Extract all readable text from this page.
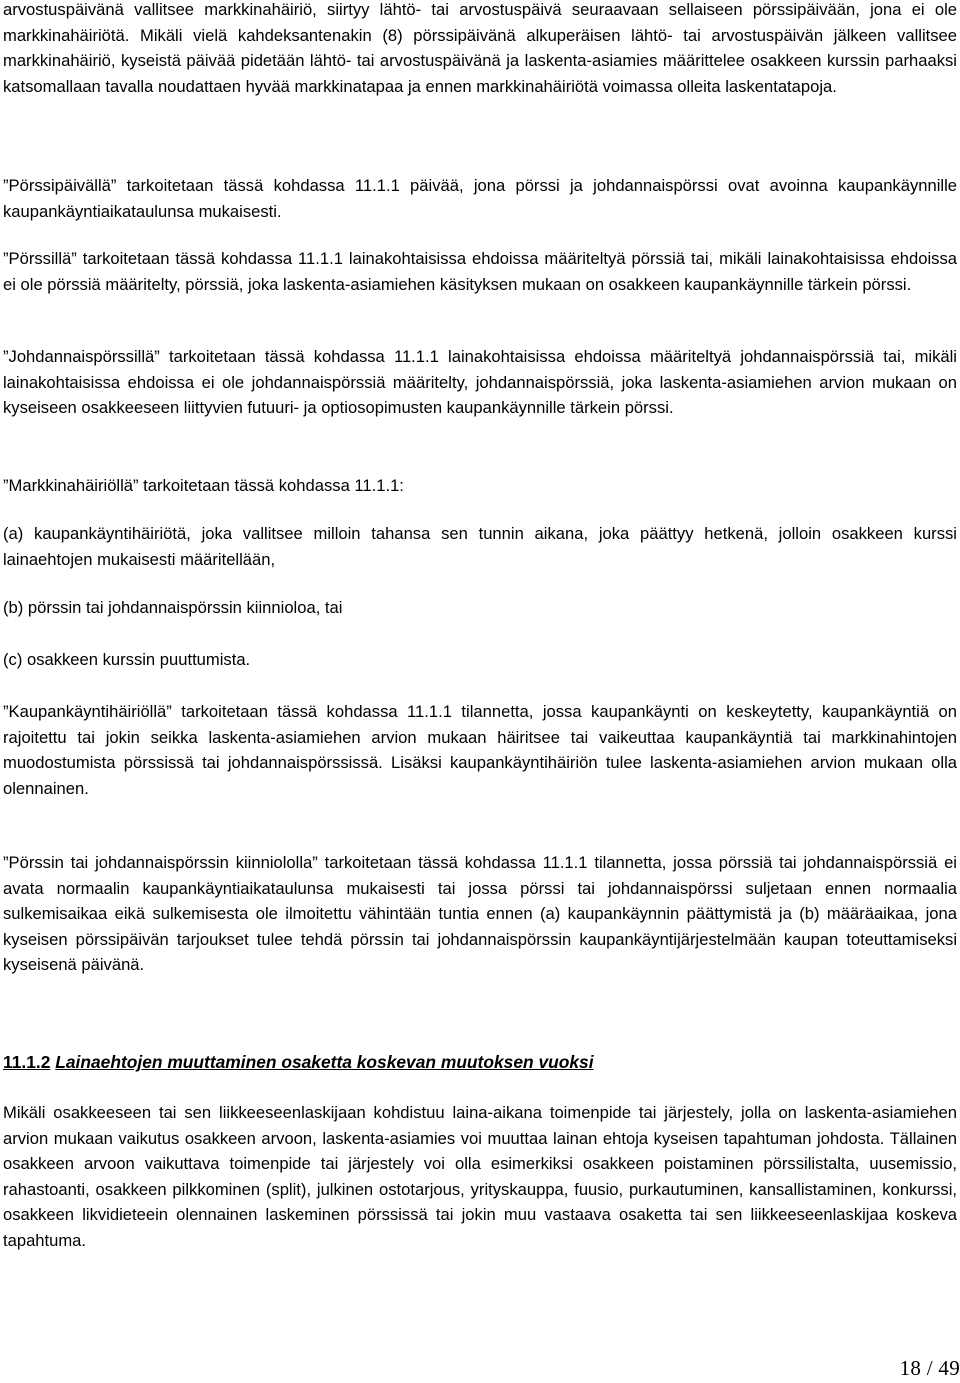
arvostuspäivänä vallitsee markkinahäiriö, siirtyy lähtö- tai arvostuspäivä seuraavaan sellaiseen pörssipäivään, jona ei ole markkinahäiriötä. Mikäli vielä kahdeksantenakin (8) pörssipäivänä alkuperäisen lähtö- tai arvostuspäivän jälkeen vallitsee markkinahäiriö, kyseistä päivää pidetään lähtö- tai arvostuspäivänä ja laskenta-asiamies määrittelee osakkeen kurssin parhaaksi katsomallaan tavalla noudattaen hyvää markkinatapaa ja ennen markkinahäiriötä voimassa olleita laskentatapoja.

”Pörssipäivällä” tarkoitetaan tässä kohdassa 11.1.1 päivää, jona pörssi ja johdannaispörssi ovat avoinna kaupankäynnille kaupankäyntiaikataulunsa mukaisesti.

”Pörssillä” tarkoitetaan tässä kohdassa 11.1.1 lainakohtaisissa ehdoissa määriteltyä pörssiä tai, mikäli lainakohtaisissa ehdoissa ei ole pörssiä määritelty, pörssiä, joka laskenta-asiamiehen käsityksen mukaan on osakkeen kaupankäynnille tärkein pörssi.

”Johdannaispörssillä” tarkoitetaan tässä kohdassa 11.1.1 lainakohtaisissa ehdoissa määriteltyä johdannaispörssiä tai, mikäli lainakohtaisissa ehdoissa ei ole johdannaispörssiä määritelty, johdannaispörssiä, joka laskenta-asiamiehen arvion mukaan on kyseiseen osakkeeseen liittyvien futuuri- ja optiosopimusten kaupankäynnille tärkein pörssi.

”Markkinahäiriöllä” tarkoitetaan tässä kohdassa 11.1.1:

(a) kaupankäyntihäiriötä, joka vallitsee milloin tahansa sen tunnin aikana, joka päättyy hetkenä, jolloin osakkeen kurssi lainaehtojen mukaisesti määritellään,

(b) pörssin tai johdannaispörssin kiinnioloa, tai

(c) osakkeen kurssin puuttumista.

”Kaupankäyntihäiriöllä” tarkoitetaan tässä kohdassa 11.1.1 tilannetta, jossa kaupankäynti on keskeytetty, kaupankäyntiä on rajoitettu tai jokin seikka laskenta-asiamiehen arvion mukaan häiritsee tai vaikeuttaa kaupankäyntiä tai markkinahintojen muodostumista pörssissä tai johdannaispörssissä. Lisäksi kaupankäyntihäiriön tulee laskenta-asiamiehen arvion mukaan olla olennainen.

”Pörssin tai johdannaispörssin kiinniololla” tarkoitetaan tässä kohdassa 11.1.1 tilannetta, jossa pörssiä tai johdannaispörssiä ei avata normaalin kaupankäyntiaikataulunsa mukaisesti tai jossa pörssi tai johdannaispörssi suljetaan ennen normaalia sulkemisaikaa eikä sulkemisesta ole ilmoitettu vähintään tuntia ennen (a) kaupankäynnin päättymistä ja (b) määräaikaa, jona kyseisen pörssipäivän tarjoukset tulee tehdä pörssin tai johdannaispörssin kaupankäyntijärjestelmään kaupan toteuttamiseksi kyseisenä päivänä.

11.1.2 Lainaehtojen muuttaminen osaketta koskevan muutoksen vuoksi

Mikäli osakkeeseen tai sen liikkeeseenlaskijaan kohdistuu laina-aikana toimenpide tai järjestely, jolla on laskenta-asiamiehen arvion mukaan vaikutus osakkeen arvoon, laskenta-asiamies voi muuttaa lainan ehtoja kyseisen tapahtuman johdosta. Tällainen osakkeen arvoon vaikuttava toimenpide tai järjestely voi olla esimerkiksi osakkeen poistaminen pörssilistalta, uusemissio, rahastoanti, osakkeen pilkkominen (split), julkinen ostotarjous, yrityskauppa, fuusio, purkautuminen, kansallistaminen, konkurssi, osakkeen likvidieteein olennainen laskeminen pörssissä tai jokin muu vastaava osaketta tai sen liikkeeseenlaskijaa koskeva tapahtuma.

18 / 49
